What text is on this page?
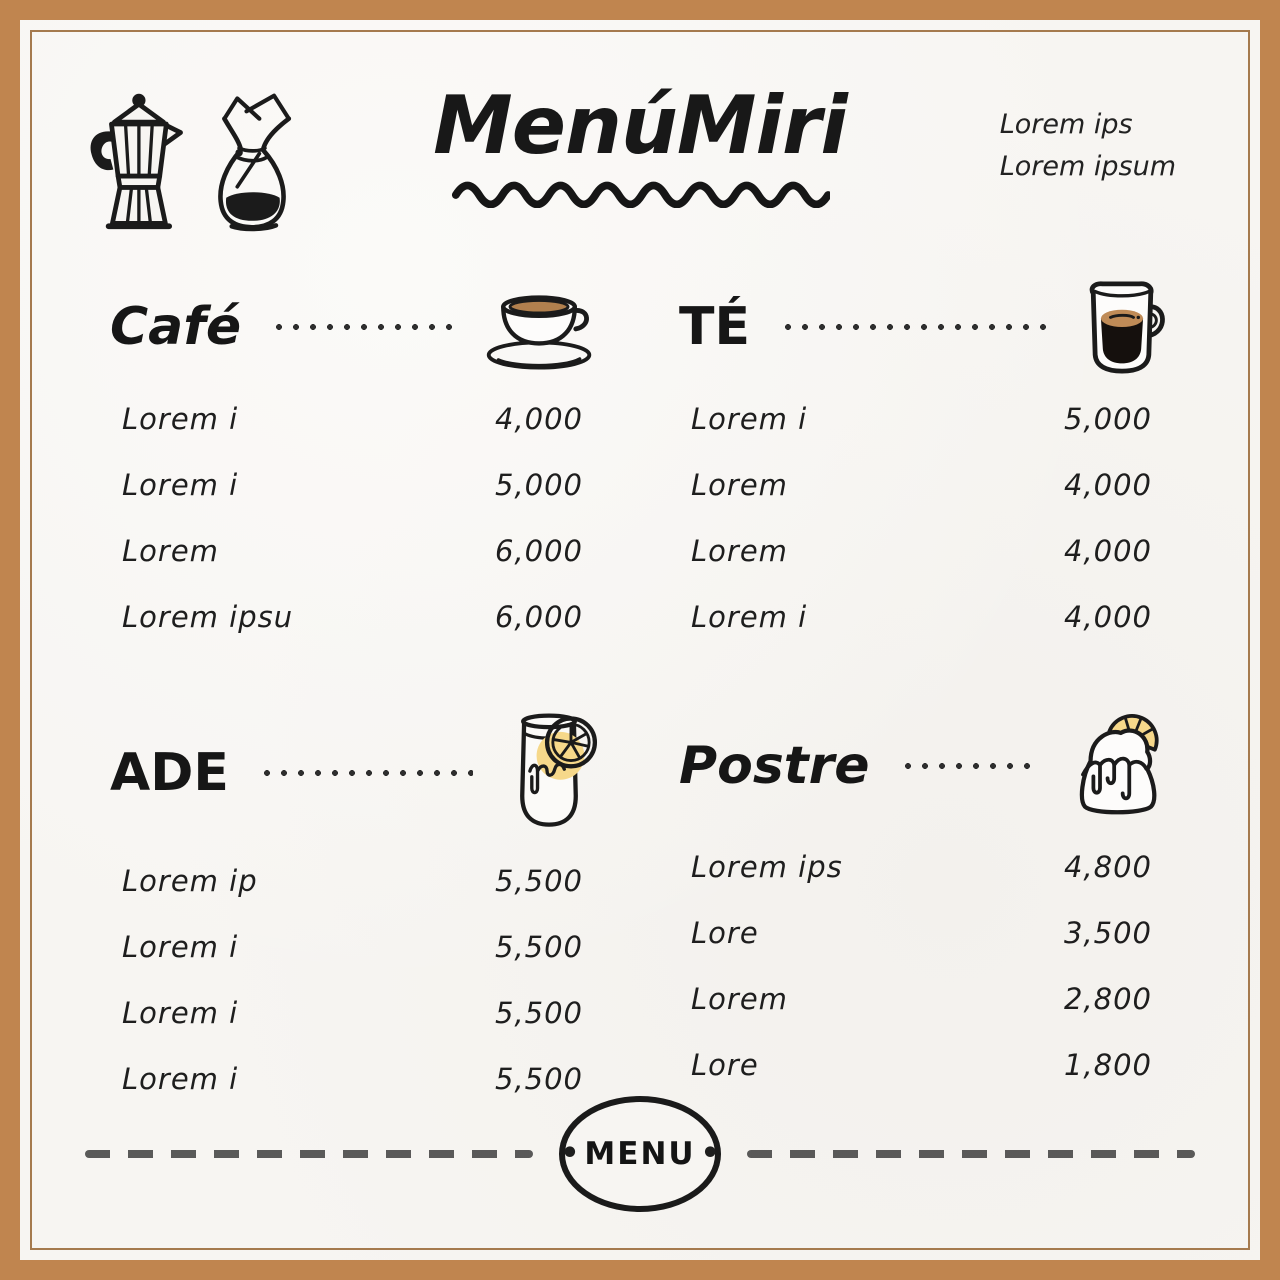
MenúMiri	Lorem ips
Lorem ipsum
Café
Lorem i	4,000
Lorem i	5,000
Lorem	6,000
Lorem ipsu	6,000
TÉ
Lorem i	5,000
Lorem	4,000
Lorem	4,000
Lorem i	4,000
ADE
Lorem ip	5,500
Lorem i	5,500
Lorem i	5,500
Lorem i	5,500
Postre
Lorem ips	4,800
Lore	3,500
Lorem	2,800
Lore	1,800
• MENU •
